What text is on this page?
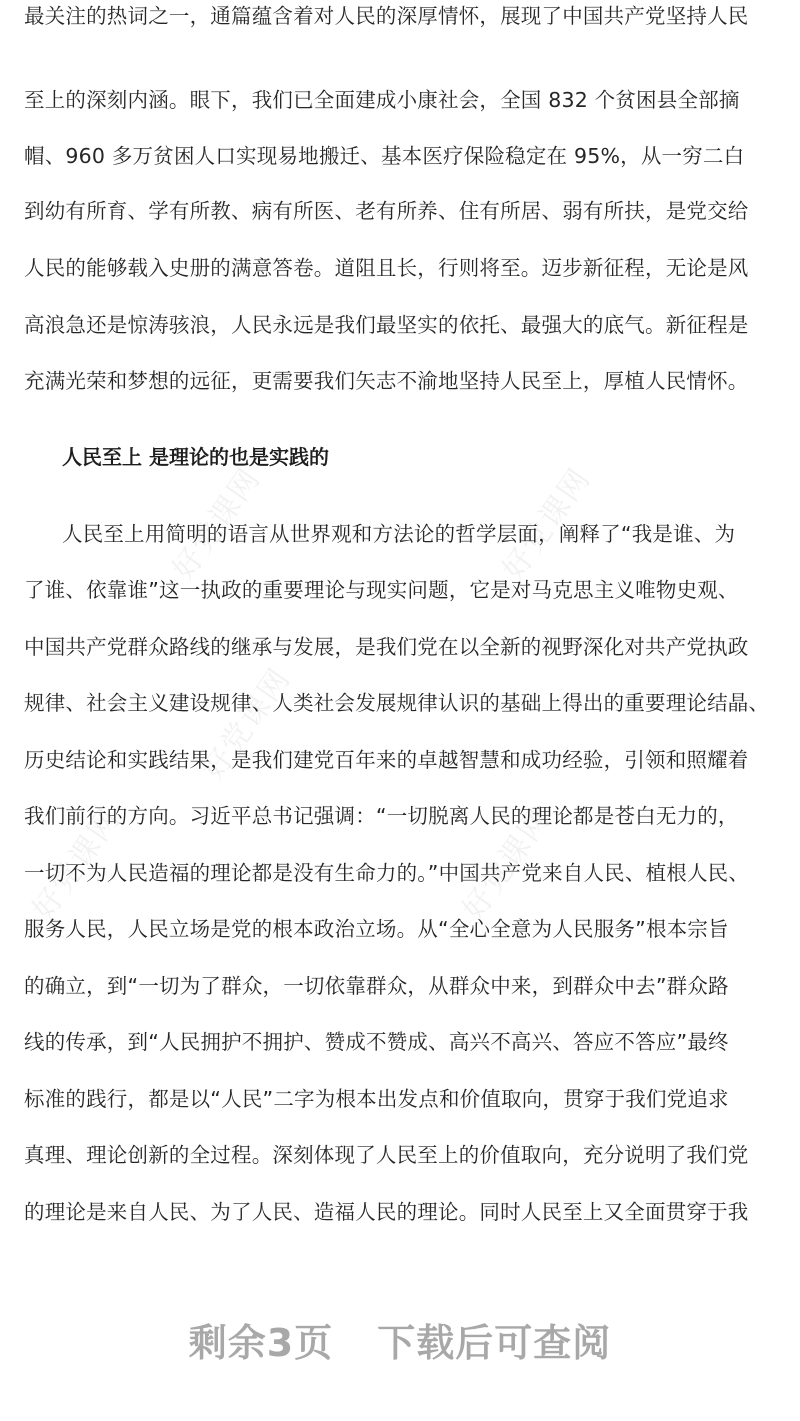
好党课网	好党课网
好党课网
好党课网	好党课网
最关注的热词之一，通篇蕴含着对人民的深厚情怀，展现了中国共产党坚持人民
至上的深刻内涵。眼下，我们已全面建成小康社会，全国 832 个贫困县全部摘
帽、960 多万贫困人口实现易地搬迁、基本医疗保险稳定在 95%，从一穷二白
到幼有所育、学有所教、病有所医、老有所养、住有所居、弱有所扶，是党交给
人民的能够载入史册的满意答卷。道阻且长，行则将至。迈步新征程，无论是风
高浪急还是惊涛骇浪，人民永远是我们最坚实的依托、最强大的底气。新征程是
充满光荣和梦想的远征，更需要我们矢志不渝地坚持人民至上，厚植人民情怀。
人民至上 是理论的也是实践的
人民至上用简明的语言从世界观和方法论的哲学层面，阐释了“我是谁、为
了谁、依靠谁”这一执政的重要理论与现实问题，它是对马克思主义唯物史观、
中国共产党群众路线的继承与发展，是我们党在以全新的视野深化对共产党执政
规律、社会主义建设规律、人类社会发展规律认识的基础上得出的重要理论结晶、
历史结论和实践结果，是我们建党百年来的卓越智慧和成功经验，引领和照耀着
我们前行的方向。习近平总书记强调：“一切脱离人民的理论都是苍白无力的，
一切不为人民造福的理论都是没有生命力的。”中国共产党来自人民、植根人民、
服务人民，人民立场是党的根本政治立场。从“全心全意为人民服务”根本宗旨
的确立，到“一切为了群众，一切依靠群众，从群众中来，到群众中去”群众路
线的传承，到“人民拥护不拥护、赞成不赞成、高兴不高兴、答应不答应”最终
标准的践行，都是以“人民”二字为根本出发点和价值取向，贯穿于我们党追求
真理、理论创新的全过程。深刻体现了人民至上的价值取向，充分说明了我们党
的理论是来自人民、为了人民、造福人民的理论。同时人民至上又全面贯穿于我
剩余3页 下载后可查阅
